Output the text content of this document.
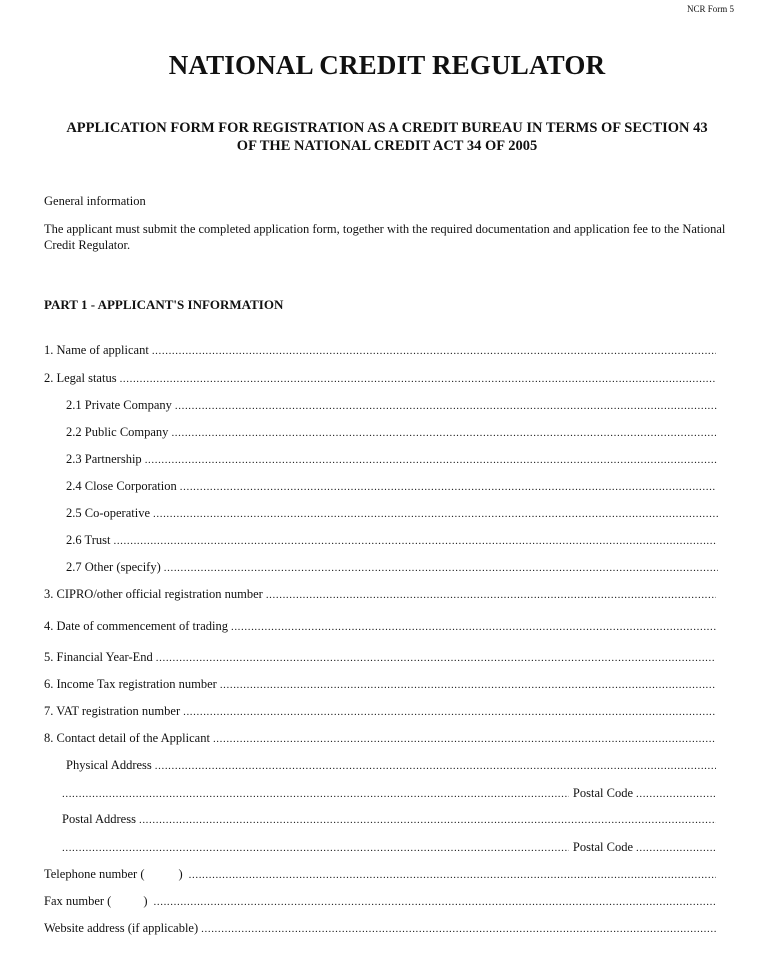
NCR Form 5
NATIONAL CREDIT REGULATOR
APPLICATION FORM FOR REGISTRATION AS A CREDIT BUREAU IN TERMS OF SECTION 43
OF THE NATIONAL CREDIT ACT 34 OF 2005
General information
The applicant must submit the completed application form, together with the required documentation and application fee to the National Credit Regulator.
PART 1 - APPLICANT'S INFORMATION
1. Name of applicant
.....
2. Legal status
.....
2.1 Private Company
.....
2.2 Public Company
.....
2.3 Partnership
.....
2.4 Close Corporation
.....
2.5 Co-operative
.....
2.6 Trust
.....
2.7 Other (specify)
.....
3. CIPRO/other official registration number
.....
4. Date of commencement of trading
.....
5. Financial Year-End
.....
6. Income Tax registration number
.....
7. VAT registration number
.....
8. Contact detail of the Applicant
.....
Physical Address
.....
.....
Postal Code
.....
Postal Address
.....
.....
Postal Code
.....
Telephone number (	)
.....
Fax number (	)
.....
Website address (if applicable)
.....
